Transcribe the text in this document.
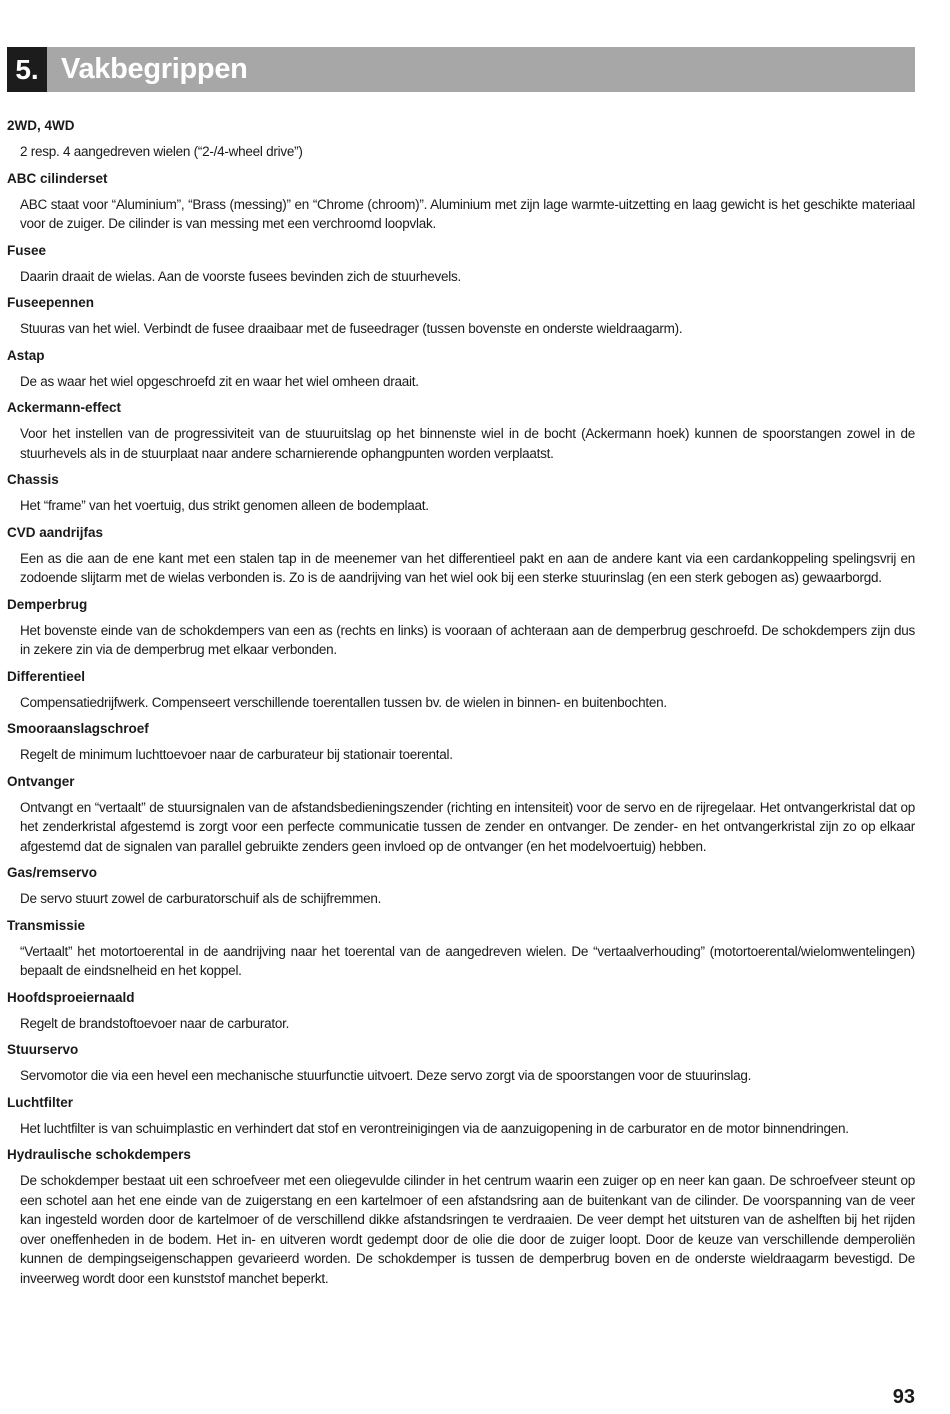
5. Vakbegrippen

2WD, 4WD

2 resp. 4 aangedreven wielen (“2-/4-wheel drive”)

ABC cilinderset

ABC staat voor “Aluminium”, “Brass (messing)” en “Chrome (chroom)”. Aluminium met zijn lage warmte-uitzetting en laag gewicht is het geschikte materiaal voor de zuiger. De cilinder is van messing met een verchroomd loopvlak.

Fusee

Daarin draait de wielas. Aan de voorste fusees bevinden zich de stuurhevels.

Fuseepennen

Stuuras van het wiel. Verbindt de fusee draaibaar met de fuseedrager (tussen bovenste en onderste wieldraagarm).

Astap

De as waar het wiel opgeschroefd zit en waar het wiel omheen draait.

Ackermann-effect

Voor het instellen van de progressiviteit van de stuuruitslag op het binnenste wiel in de bocht (Ackermann hoek) kunnen de spoorstangen zowel in de stuurhevels als in de stuurplaat naar andere scharnierende ophangpunten worden verplaatst.

Chassis

Het “frame” van het voertuig, dus strikt genomen alleen de bodemplaat.

CVD aandrijfas

Een as die aan de ene kant met een stalen tap in de meenemer van het differentieel pakt en aan de andere kant via een cardankoppeling spelingsvrij en zodoende slijtarm met de wielas verbonden is. Zo is de aandrijving van het wiel ook bij een sterke stuurinslag (en een sterk gebogen as) gewaarborgd.

Demperbrug

Het bovenste einde van de schokdempers van een as (rechts en links) is vooraan of achteraan aan de demperbrug geschroefd. De schokdempers zijn dus in zekere zin via de demperbrug met elkaar verbonden.

Differentieel

Compensatiedrijfwerk. Compenseert verschillende toerentallen tussen bv. de wielen in binnen- en buitenbochten.

Smooraanslagschroef

Regelt de minimum luchttoevoer naar de carburateur bij stationair toerental.

Ontvanger

Ontvangt en “vertaalt” de stuursignalen van de afstandsbedieningszender (richting en intensiteit) voor de servo en de rijregelaar. Het ontvangerkristal dat op het zenderkristal afgestemd is zorgt voor een perfecte communicatie tussen de zender en ontvanger. De zender- en het ontvangerkristal zijn zo op elkaar afgestemd dat de signalen van parallel gebruikte zenders geen invloed op de ontvanger (en het modelvoertuig) hebben.

Gas/remservo

De servo stuurt zowel de carburatorschuif als de schijfremmen.

Transmissie

“Vertaalt” het motortoerental in de aandrijving naar het toerental van de aangedreven wielen. De “vertaalverhouding” (motortoerental/wielomwentelingen) bepaalt de eindsnelheid en het koppel.

Hoofdsproeiernaald

Regelt de brandstoftoevoer naar de carburator.

Stuurservo

Servomotor die via een hevel een mechanische stuurfunctie uitvoert. Deze servo zorgt via de spoorstangen voor de stuurinslag.

Luchtfilter

Het luchtfilter is van schuimplastic en verhindert dat stof en verontreinigingen via de aanzuigopening in de carburator en de motor binnendringen.

Hydraulische schokdempers

De schokdemper bestaat uit een schroefveer met een oliegevulde cilinder in het centrum waarin een zuiger op en neer kan gaan. De schroefveer steunt op een schotel aan het ene einde van de zuigerstang en een kartelmoer of een afstandsring aan de buitenkant van de cilinder. De voorspanning van de veer kan ingesteld worden door de kartelmoer of de verschillend dikke afstandsringen te verdraaien. De veer dempt het uitsturen van de ashelften bij het rijden over oneffenheden in de bodem. Het in- en uitveren wordt gedempt door de olie die door de zuiger loopt. Door de keuze van verschillende demperoliën kunnen de dempingseigenschappen gevarieerd worden. De schokdemper is tussen de demperbrug boven en de onderste wieldraagarm bevestigd. De inveerweg wordt door een kunststof manchet beperkt.

93
